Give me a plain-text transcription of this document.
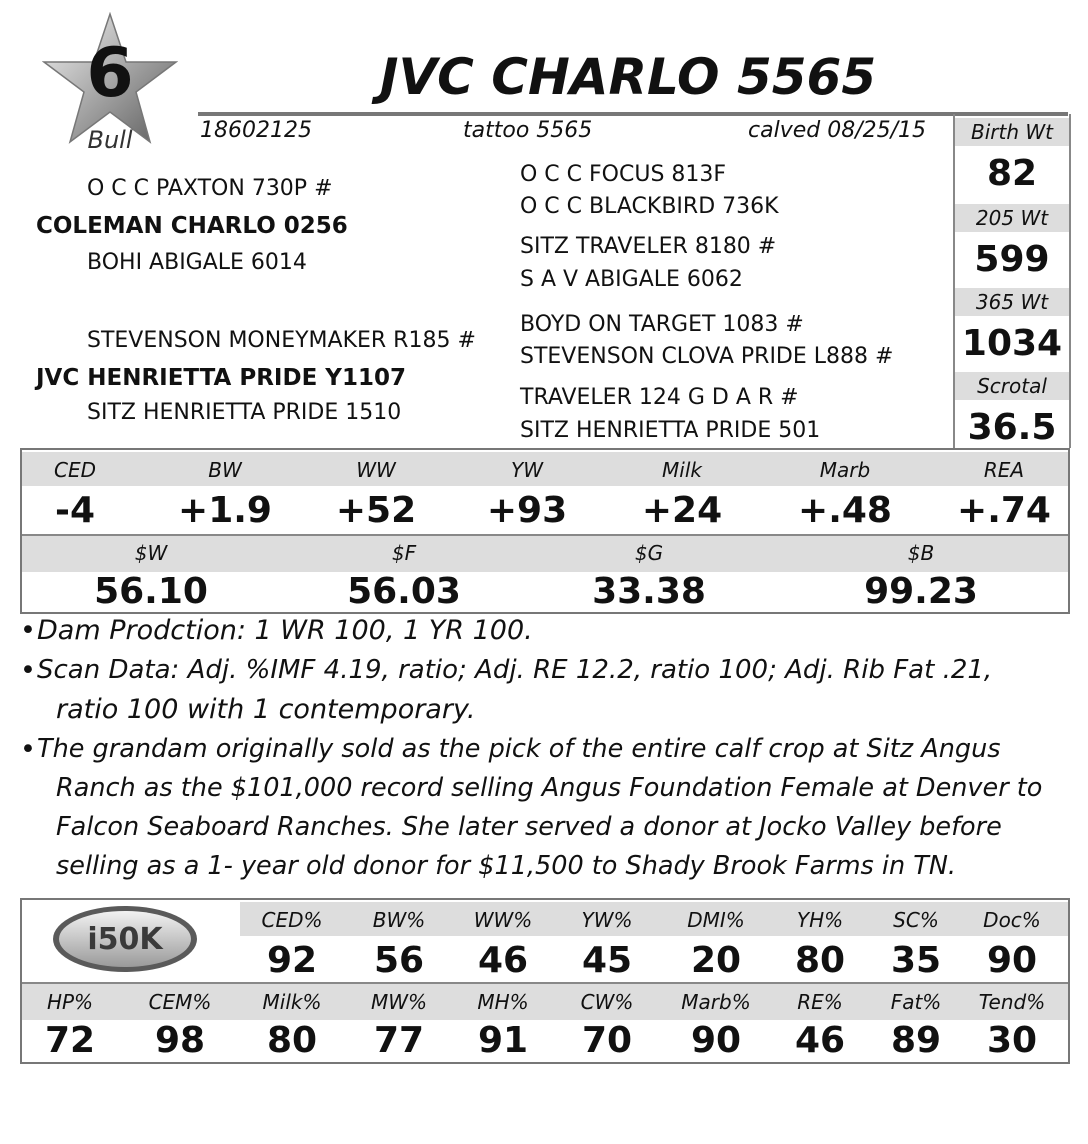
6
Bull
JVC CHARLO 5565
18602125	tattoo 5565	calved 08/25/15
O C C PAXTON 730P #
COLEMAN CHARLO 0256
BOHI ABIGALE 6014
STEVENSON MONEYMAKER R185 #
JVC HENRIETTA PRIDE Y1107
SITZ HENRIETTA PRIDE 1510
O C C FOCUS 813F
O C C BLACKBIRD 736K
SITZ TRAVELER 8180 #
S A V ABIGALE 6062
BOYD ON TARGET 1083 #
STEVENSON CLOVA PRIDE L888 #
TRAVELER 124 G D A R #
SITZ HENRIETTA PRIDE 501
Birth Wt
82
205 Wt
599
365 Wt
1034
Scrotal
36.5
CED	BW	WW	YW	Milk	Marb	REA
-4	+1.9	+52	+93	+24	+.48 +.74
$W	$F	$G	$B
56.10	56.03	33.38	99.23
• Dam Prodction: 1 WR 100, 1 YR 100.
• Scan Data: Adj. %IMF 4.19, ratio; Adj. RE 12.2, ratio 100; Adj. Rib Fat .21,
ratio 100 with 1 contemporary.
• The grandam originally sold as the pick of the entire calf crop at Sitz Angus
Ranch as the $101,000 record selling Angus Foundation Female at Denver to
Falcon Seaboard Ranches. She later served a donor at Jocko Valley before
selling as a 1- year old donor for $11,500 to Shady Brook Farms in TN.
CED%	BW%	WW%	YW%	DMI%	YH%	SC%	Doc%
92	56	46	45	20	80	35	90
HP%	CEM%	Milk%	MW%	MH%	CW%	Marb%	RE%	Fat%	Tend%
72	98	80	77	91	70	90	46	89	30
i50K
